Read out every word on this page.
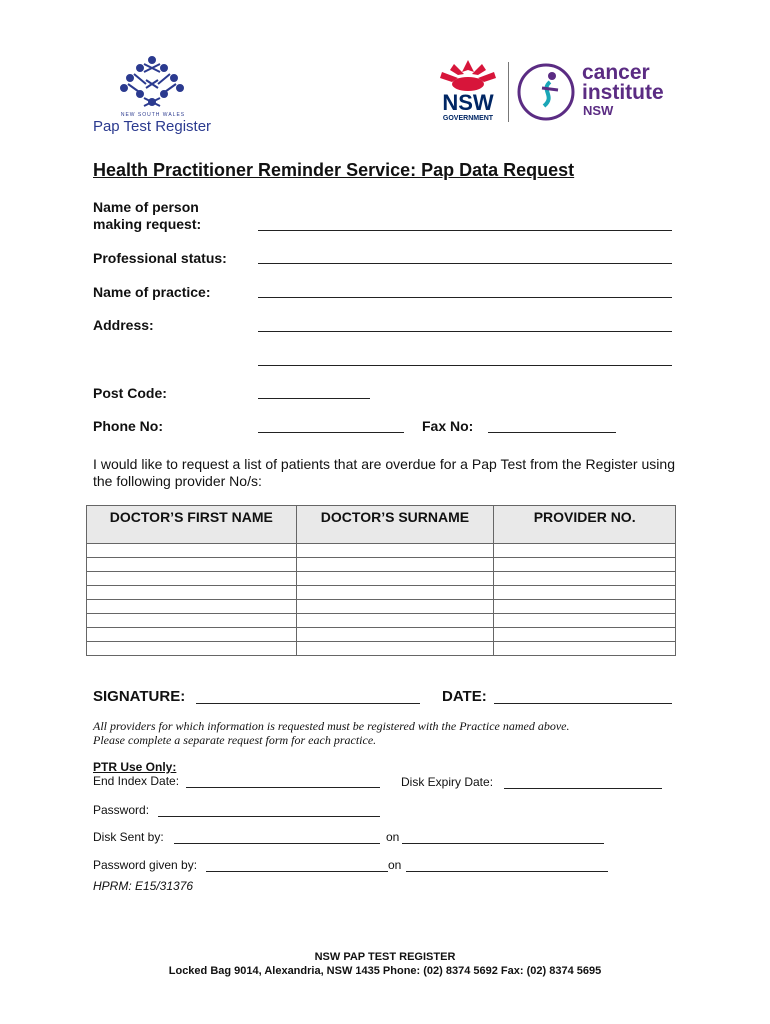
NEW SOUTH WALES
Pap Test Register
NSW
GOVERNMENT
cancer
institute
NSW
Health Practitioner Reminder Service: Pap Data Request
Name of person
making request:
Professional status:
Name of practice:
Address:
Post Code:
Phone No:	Fax No:
I would like to request a list of patients that are overdue for a Pap Test from the Register using the following provider No/s:
DOCTOR’S FIRST NAME	DOCTOR’S SURNAME	PROVIDER NO.

SIGNATURE:	DATE:
All providers for which information is requested must be registered with the Practice named above.
Please complete a separate request form for each practice.
PTR Use Only:
End Index Date:	Disk Expiry Date:
Password:
Disk Sent by:	on
Password given by:	on
HPRM: E15/31376
NSW PAP TEST REGISTER
Locked Bag 9014, Alexandria, NSW 1435 Phone: (02) 8374 5692 Fax: (02) 8374 5695
